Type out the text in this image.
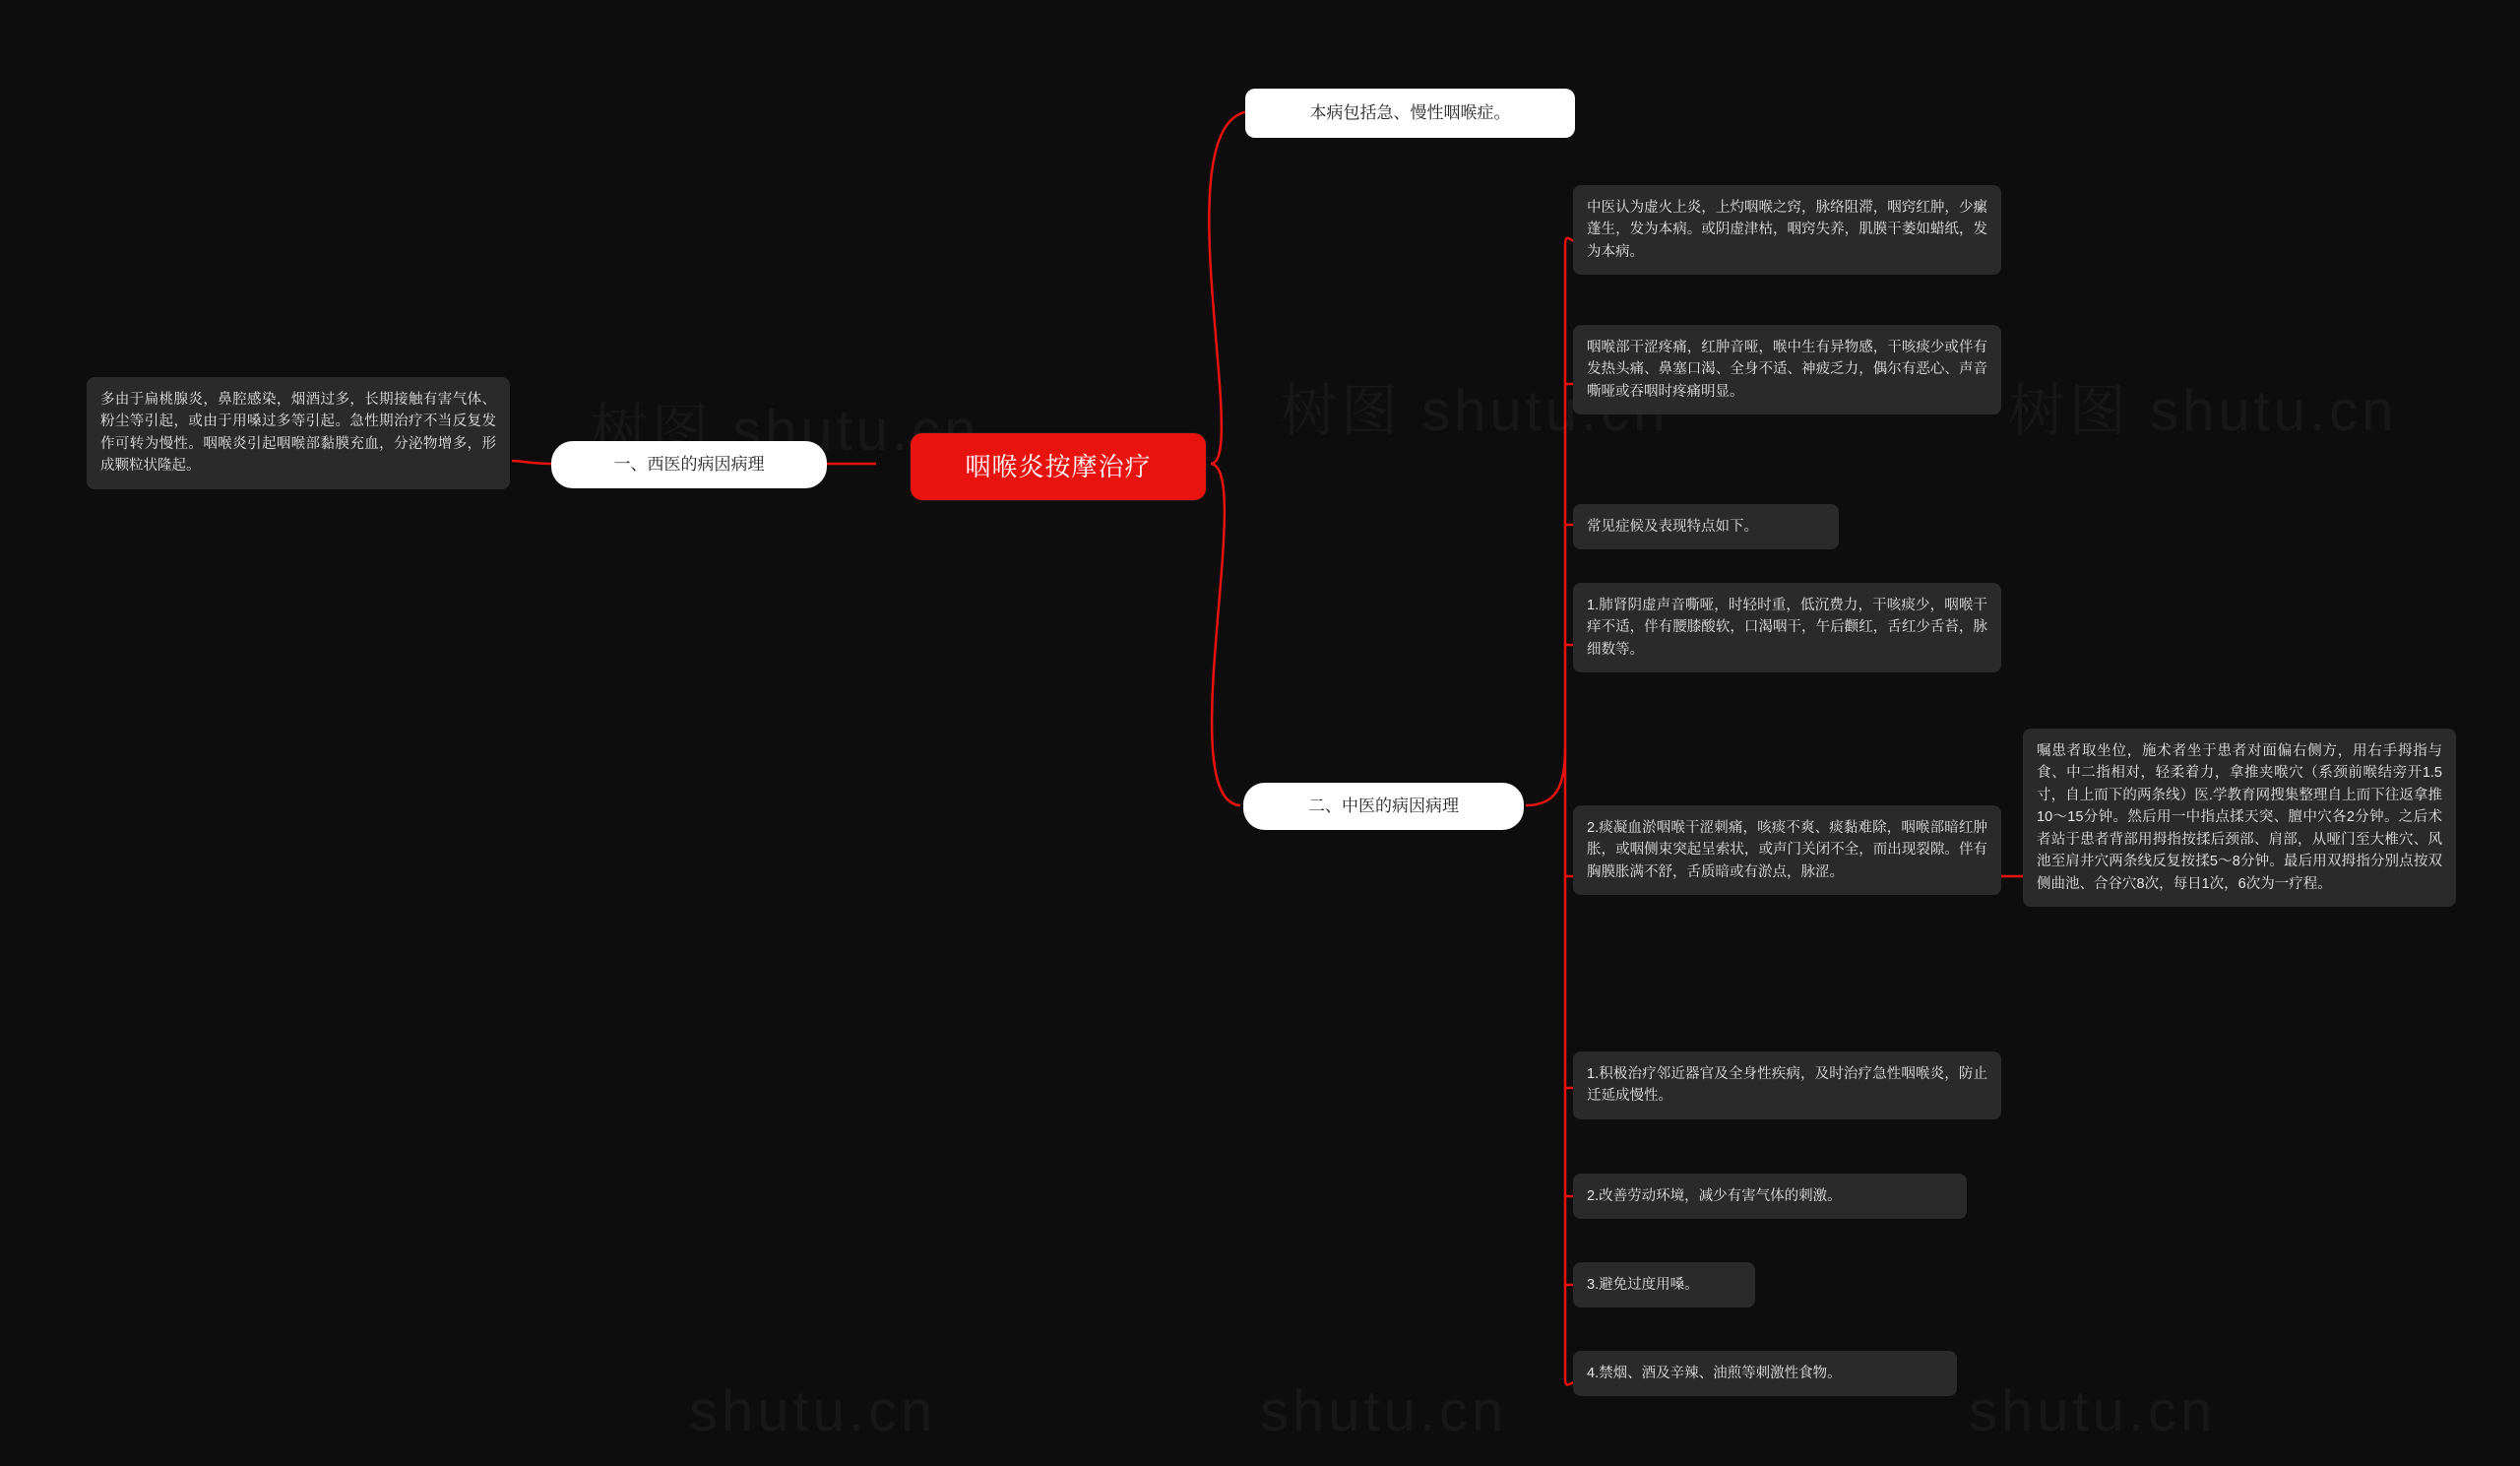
咽喉炎按摩治疗
一、西医的病因病理
二、中医的病因病理
本病包括急、慢性咽喉症。
多由于扁桃腺炎，鼻腔感染，烟酒过多，长期接触有害气体、粉尘等引起，或由于用嗓过多等引起。急性期治疗不当反复发作可转为慢性。咽喉炎引起咽喉部黏膜充血，分泌物增多，形成颗粒状隆起。
中医认为虚火上炎，上灼咽喉之窍，脉络阻滞，咽窍红肿，少瘰蓬生，发为本病。或阴虚津枯，咽窍失养，肌膜干萎如蜡纸，发为本病。
咽喉部干涩疼痛，红肿音哑，喉中生有异物感，干咳痰少或伴有发热头痛、鼻塞口渴、全身不适、神疲乏力，偶尔有恶心、声音嘶哑或吞咽时疼痛明显。
常见症候及表现特点如下。
1.肺肾阴虚声音嘶哑，时轻时重，低沉费力，干咳痰少，咽喉干痒不适，伴有腰膝酸软，口渴咽干，午后颧红，舌红少舌苔，脉细数等。
2.痰凝血淤咽喉干涩刺痛，咳痰不爽、痰黏难除，咽喉部暗红肿胀，或咽侧束突起呈索状，或声门关闭不全，而出现裂隙。伴有胸膜胀满不舒，舌质暗或有淤点，脉涩。
嘱患者取坐位，施术者坐于患者对面偏右侧方，用右手拇指与食、中二指相对，轻柔着力，拿推夹喉穴（系颈前喉结旁开1.5寸，自上而下的两条线）医.学教育网搜集整理自上而下往返拿推10～15分钟。然后用一中指点揉天突、膻中穴各2分钟。之后术者站于患者背部用拇指按揉后颈部、肩部，从哑门至大椎穴、风池至肩井穴两条线反复按揉5～8分钟。最后用双拇指分别点按双侧曲池、合谷穴8次，每日1次，6次为一疗程。
1.积极治疗邻近器官及全身性疾病，及时治疗急性咽喉炎，防止迁延成慢性。
2.改善劳动环境，减少有害气体的刺激。
3.避免过度用嗓。
4.禁烟、酒及辛辣、油煎等刺激性食物。
